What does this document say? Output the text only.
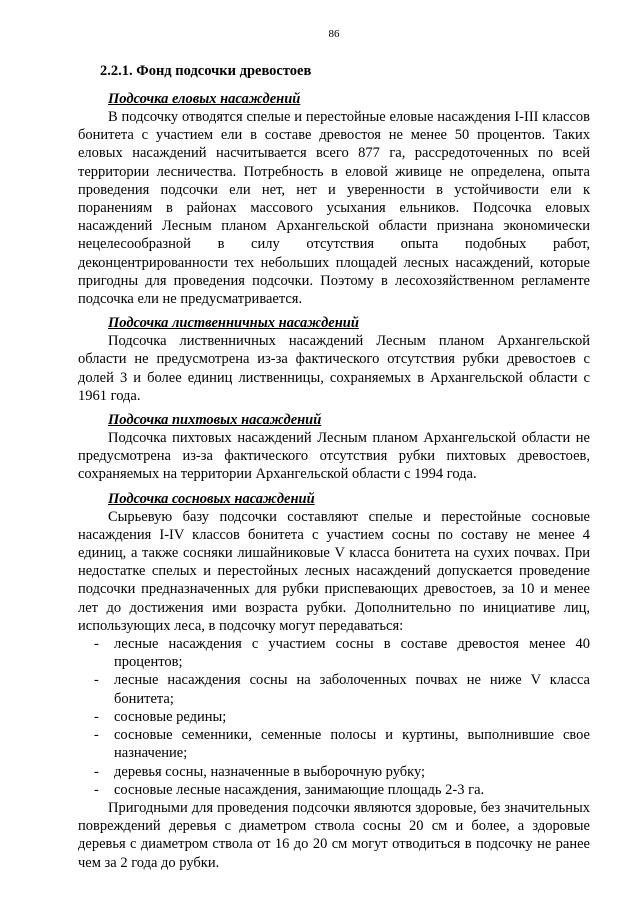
86
2.2.1. Фонд подсочки древостоев
Подсочка еловых насаждений

В подсочку отводятся спелые и перестойные еловые насаждения I-III классов бонитета с участием ели в составе древостоя не менее 50 процентов. Таких еловых насаждений насчитывается всего 877 га, рассредоточенных по всей территории лесничества. Потребность в еловой живице не определена, опыта проведения подсочки ели нет, нет и уверенности в устойчивости ели к поранениям в районах массового усыхания ельников. Подсочка еловых насаждений Лесным планом Архангельской области признана экономически нецелесообразной в силу отсутствия опыта подобных работ, деконцентрированности тех небольших площадей лесных насаждений, которые пригодны для проведения подсочки. Поэтому в лесохозяйственном регламенте подсочка ели не предусматривается.

Подсочка лиственничных насаждений

Подсочка лиственничных насаждений Лесным планом Архангельской области не предусмотрена из-за фактического отсутствия рубки древостоев с долей 3 и более единиц лиственницы, сохраняемых в Архангельской области с 1961 года.

Подсочка пихтовых насаждений

Подсочка пихтовых насаждений Лесным планом Архангельской области не предусмотрена из-за фактического отсутствия рубки пихтовых древостоев, сохраняемых на территории Архангельской области с 1994 года.

Подсочка сосновых насаждений

Сырьевую базу подсочки составляют спелые и перестойные сосновые насаждения I-IV классов бонитета с участием сосны по составу не менее 4 единиц, а также сосняки лишайниковые V класса бонитета на сухих почвах. При недостатке спелых и перестойных лесных насаждений допускается проведение подсочки предназначенных для рубки приспевающих древостоев, за 10 и менее лет до достижения ими возраста рубки. Дополнительно по инициативе лиц, использующих леса, в подсочку могут передаваться:

- лесные насаждения с участием сосны в составе древостоя менее 40 процентов;
- лесные насаждения сосны на заболоченных почвах не ниже V класса бонитета;
- сосновые редины;
- сосновые семенники, семенные полосы и куртины, выполнившие свое назначение;
- деревья сосны, назначенные в выборочную рубку;
- сосновые лесные насаждения, занимающие площадь 2-3 га.

Пригодными для проведения подсочки являются здоровые, без значительных повреждений деревья с диаметром ствола сосны 20 см и более, а здоровые деревья с диаметром ствола от 16 до 20 см могут отводиться в подсочку не ранее чем за 2 года до рубки.
